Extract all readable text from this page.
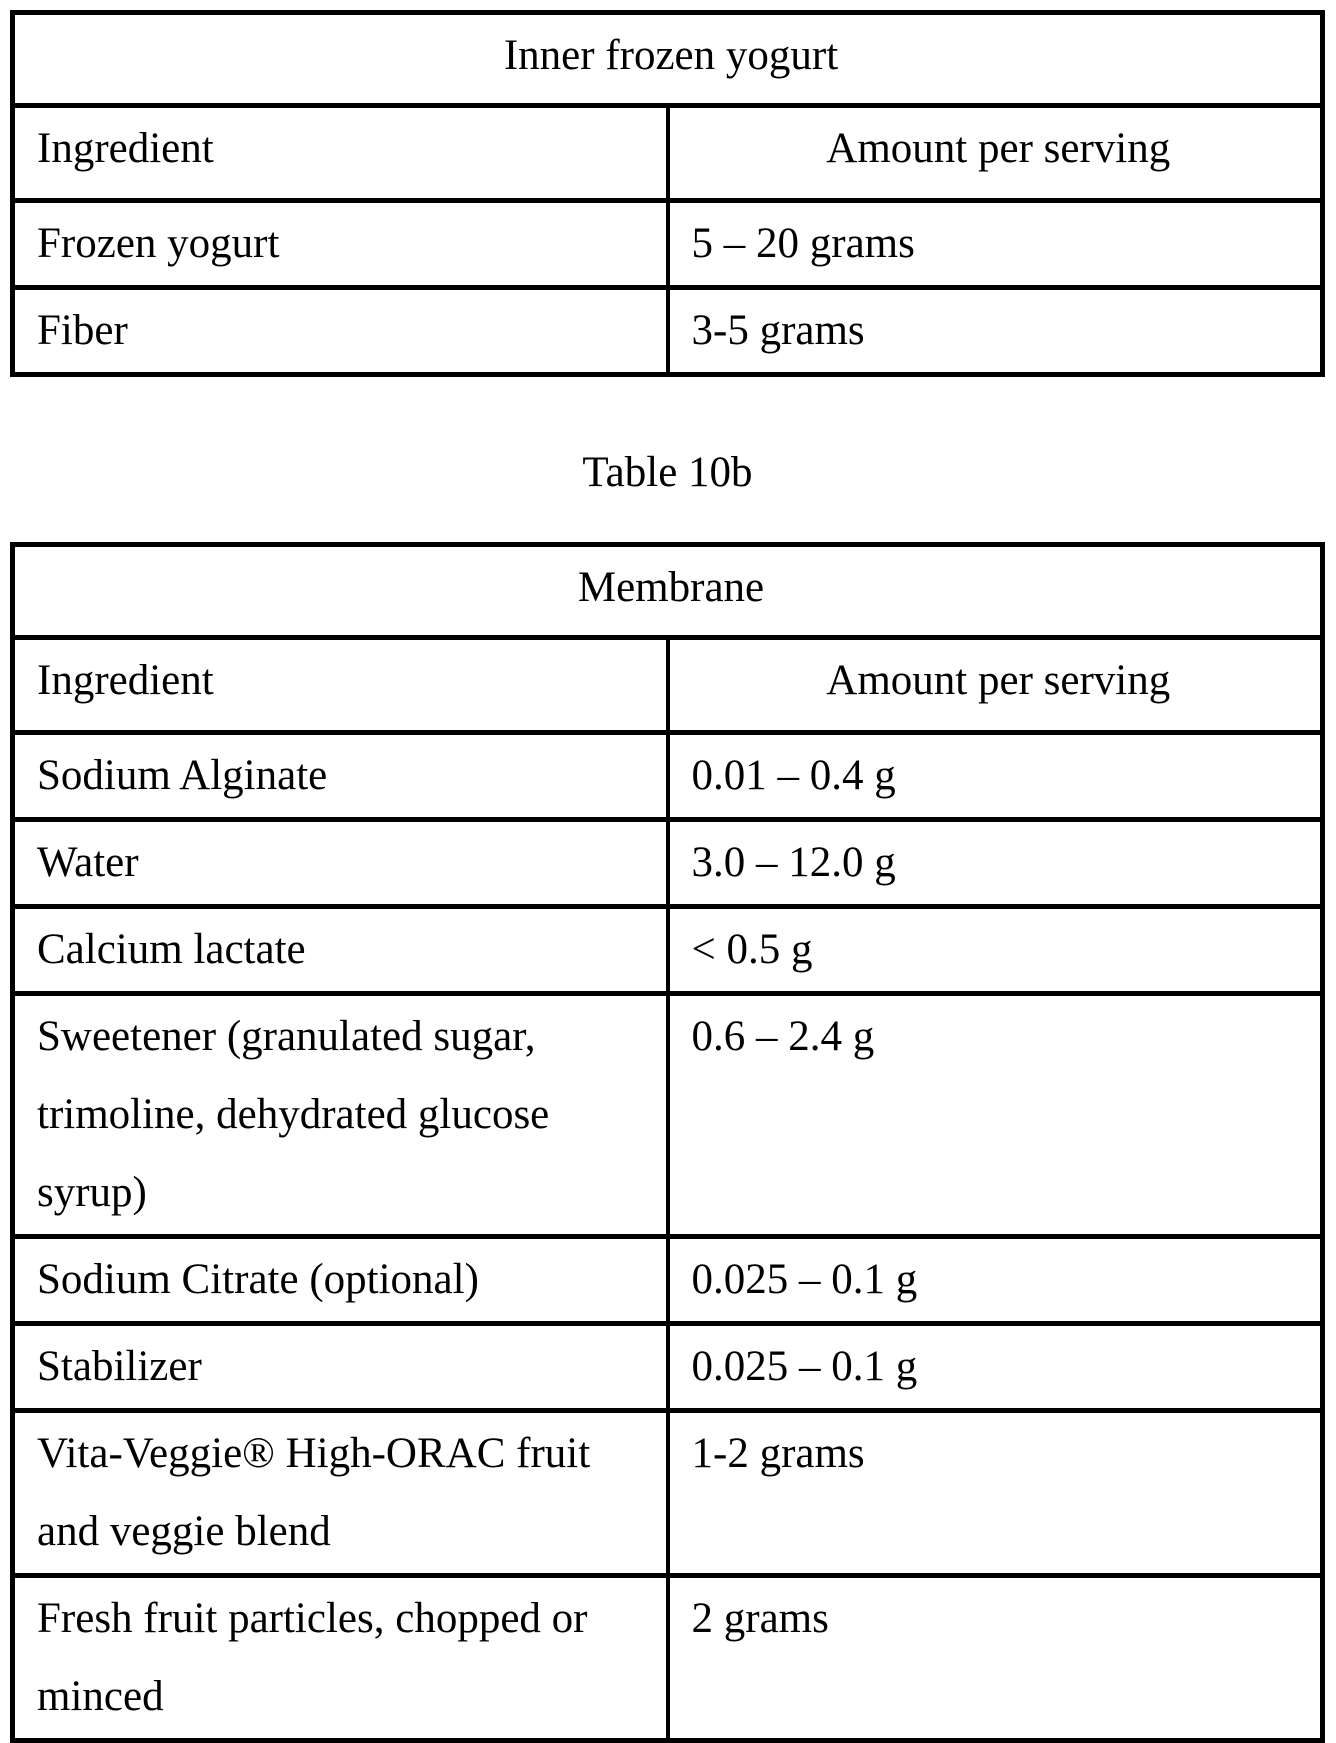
Inner frozen yogurt	
Ingredient	Amount per serving
Frozen yogurt	5 – 20 grams
Fiber	3-5 grams
Table 10b
Membrane	
Ingredient	Amount per serving
Sodium Alginate	0.01 – 0.4 g
Water	3.0 – 12.0 g
Calcium lactate	< 0.5 g
Sweetener (granulated sugar, trimoline, dehydrated glucose syrup)	0.6 – 2.4 g
Sodium Citrate (optional)	0.025 – 0.1 g
Stabilizer	0.025 – 0.1 g
Vita-Veggie® High-ORAC fruit and veggie blend	1-2 grams
Fresh fruit particles, chopped or minced	2 grams
